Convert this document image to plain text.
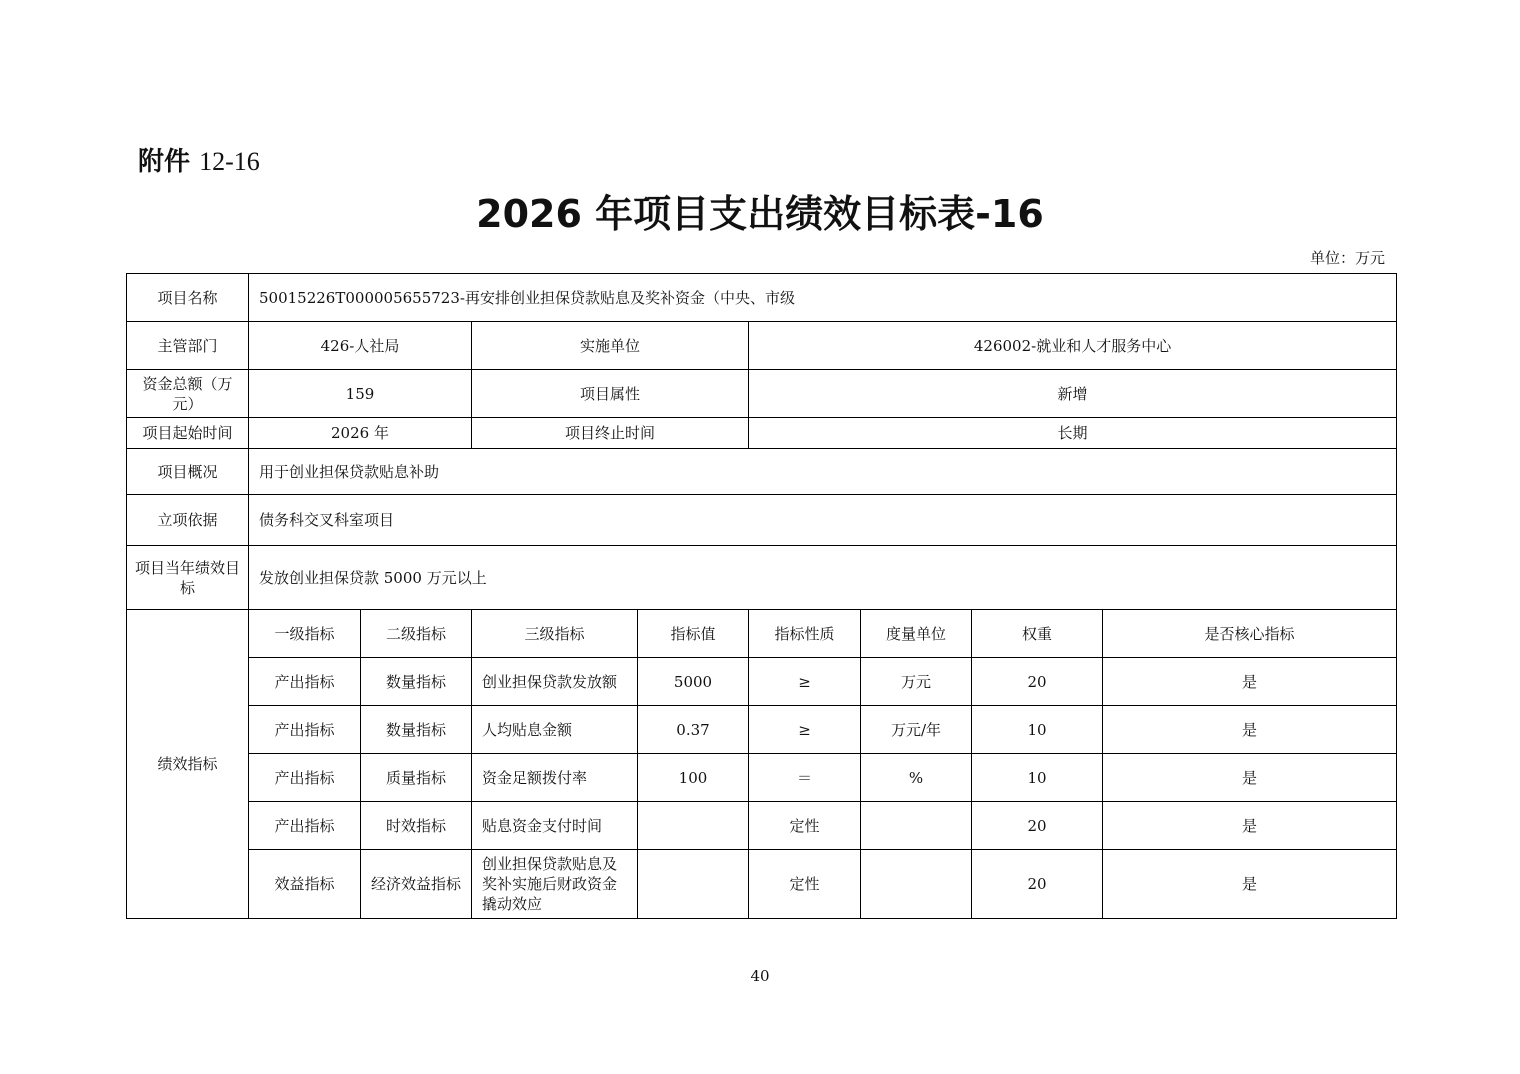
附件 12-16
2026 年项目支出绩效目标表-16
单位：万元
项目名称	50015226T000005655723-再安排创业担保贷款贴息及奖补资金（中央、市级							
主管部门	426-人社局		实施单位		426002-就业和人才服务中心			
资金总额（万元）	159		项目属性		新增			
项目起始时间	2026 年		项目终止时间		长期			
项目概况	用于创业担保贷款贴息补助							
立项依据	债务科交叉科室项目							
项目当年绩效目标	发放创业担保贷款 5000 万元以上							
绩效指标	一级指标	二级指标	三级指标	指标值	指标性质	度量单位	权重	是否核心指标
	产出指标	数量指标	创业担保贷款发放额	5000	≥	万元	20	是
	产出指标	数量指标	人均贴息金额	0.37	≥	万元/年	10	是
	产出指标	质量指标	资金足额拨付率	100	＝	%	10	是
	产出指标	时效指标	贴息资金支付时间		定性		20	是
	效益指标	经济效益指标	创业担保贷款贴息及奖补实施后财政资金撬动效应		定性		20	是
40
